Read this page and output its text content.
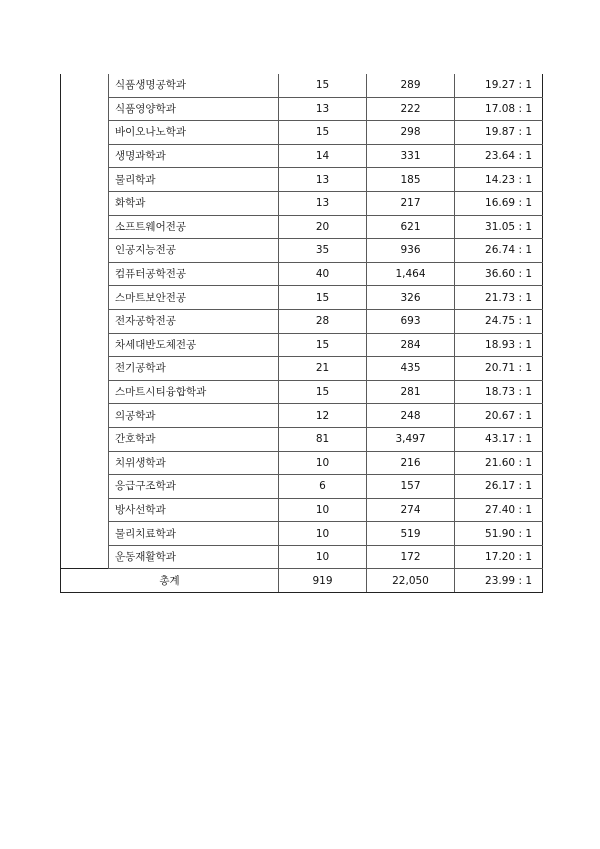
	식품생명공학과	15	289	19.27 : 1
	식품영양학과	13	222	17.08 : 1
	바이오나노학과	15	298	19.87 : 1
	생명과학과	14	331	23.64 : 1
	물리학과	13	185	14.23 : 1
	화학과	13	217	16.69 : 1
	소프트웨어전공	20	621	31.05 : 1
	인공지능전공	35	936	26.74 : 1
	컴퓨터공학전공	40	1,464	36.60 : 1
	스마트보안전공	15	326	21.73 : 1
	전자공학전공	28	693	24.75 : 1
	차세대반도체전공	15	284	18.93 : 1
	전기공학과	21	435	20.71 : 1
	스마트시티융합학과	15	281	18.73 : 1
	의공학과	12	248	20.67 : 1
	간호학과	81	3,497	43.17 : 1
	치위생학과	10	216	21.60 : 1
	응급구조학과	6	157	26.17 : 1
	방사선학과	10	274	27.40 : 1
	물리치료학과	10	519	51.90 : 1
	운동재활학과	10	172	17.20 : 1
총계		919	22,050	23.99 : 1
